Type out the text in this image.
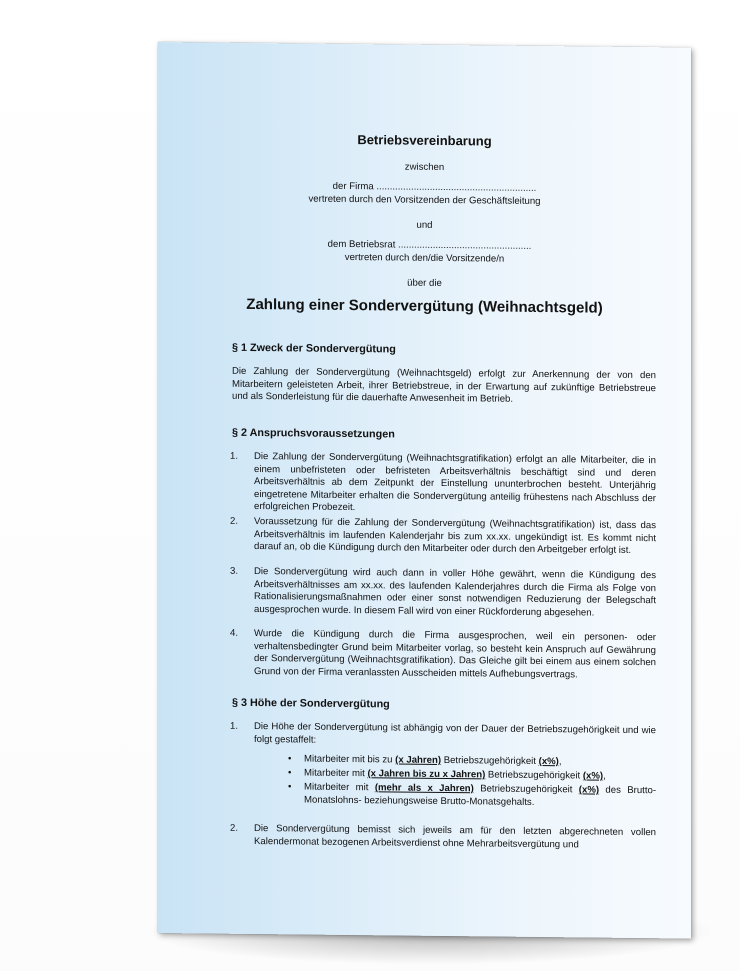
Betriebsvereinbarung
zwischen
der Firma ............................................................
vertreten durch den Vorsitzenden der Geschäftsleitung
und
dem Betriebsrat ..................................................
vertreten durch den/die Vorsitzende/n
über die
Zahlung einer Sondervergütung (Weihnachtsgeld)
§ 1 Zweck der Sondervergütung
Die Zahlung der Sondervergütung (Weihnachtsgeld) erfolgt zur Anerkennung der von den Mitarbeitern geleisteten Arbeit, ihrer Betriebstreue, in der Erwartung auf zukünftige Betriebstreue und als Sonderleistung für die dauerhafte Anwesenheit im Betrieb.
§ 2 Anspruchsvoraussetzungen
1. Die Zahlung der Sondervergütung (Weihnachtsgratifikation) erfolgt an alle Mitarbeiter, die in einem unbefristeten oder befristeten Arbeitsverhältnis beschäftigt sind und deren Arbeitsverhältnis ab dem Zeitpunkt der Einstellung ununterbrochen besteht. Unterjährig eingetretene Mitarbeiter erhalten die Sondervergütung anteilig frühestens nach Abschluss der erfolgreichen Probezeit.
2. Voraussetzung für die Zahlung der Sondervergütung (Weihnachtsgratifikation) ist, dass das Arbeitsverhältnis im laufenden Kalenderjahr bis zum xx.xx. ungekündigt ist. Es kommt nicht darauf an, ob die Kündigung durch den Mitarbeiter oder durch den Arbeitgeber erfolgt ist.
3. Die Sondervergütung wird auch dann in voller Höhe gewährt, wenn die Kündigung des Arbeitsverhältnisses am xx.xx. des laufenden Kalenderjahres durch die Firma als Folge von Rationalisierungsmaßnahmen oder einer sonst notwendigen Reduzierung der Belegschaft ausgesprochen wurde. In diesem Fall wird von einer Rückforderung abgesehen.
4. Wurde die Kündigung durch die Firma ausgesprochen, weil ein personen- oder verhaltensbedingter Grund beim Mitarbeiter vorlag, so besteht kein Anspruch auf Gewährung der Sondervergütung (Weihnachtsgratifikation). Das Gleiche gilt bei einem aus einem solchen Grund von der Firma veranlassten Ausscheiden mittels Aufhebungsvertrags.
§ 3 Höhe der Sondervergütung
1. Die Höhe der Sondervergütung ist abhängig von der Dauer der Betriebszugehörigkeit und wie folgt gestaffelt:
• Mitarbeiter mit bis zu (x Jahren) Betriebszugehörigkeit (x%),
• Mitarbeiter mit (x Jahren bis zu x Jahren) Betriebszugehörigkeit (x%),
• Mitarbeiter mit (mehr als x Jahren) Betriebszugehörigkeit (x%) des Brutto-Monatslohns- beziehungsweise Brutto-Monatsgehalts.
2. Die Sondervergütung bemisst sich jeweils am für den letzten abgerechneten vollen Kalendermonat bezogenen Arbeitsverdienst ohne Mehrarbeitsvergütung und
